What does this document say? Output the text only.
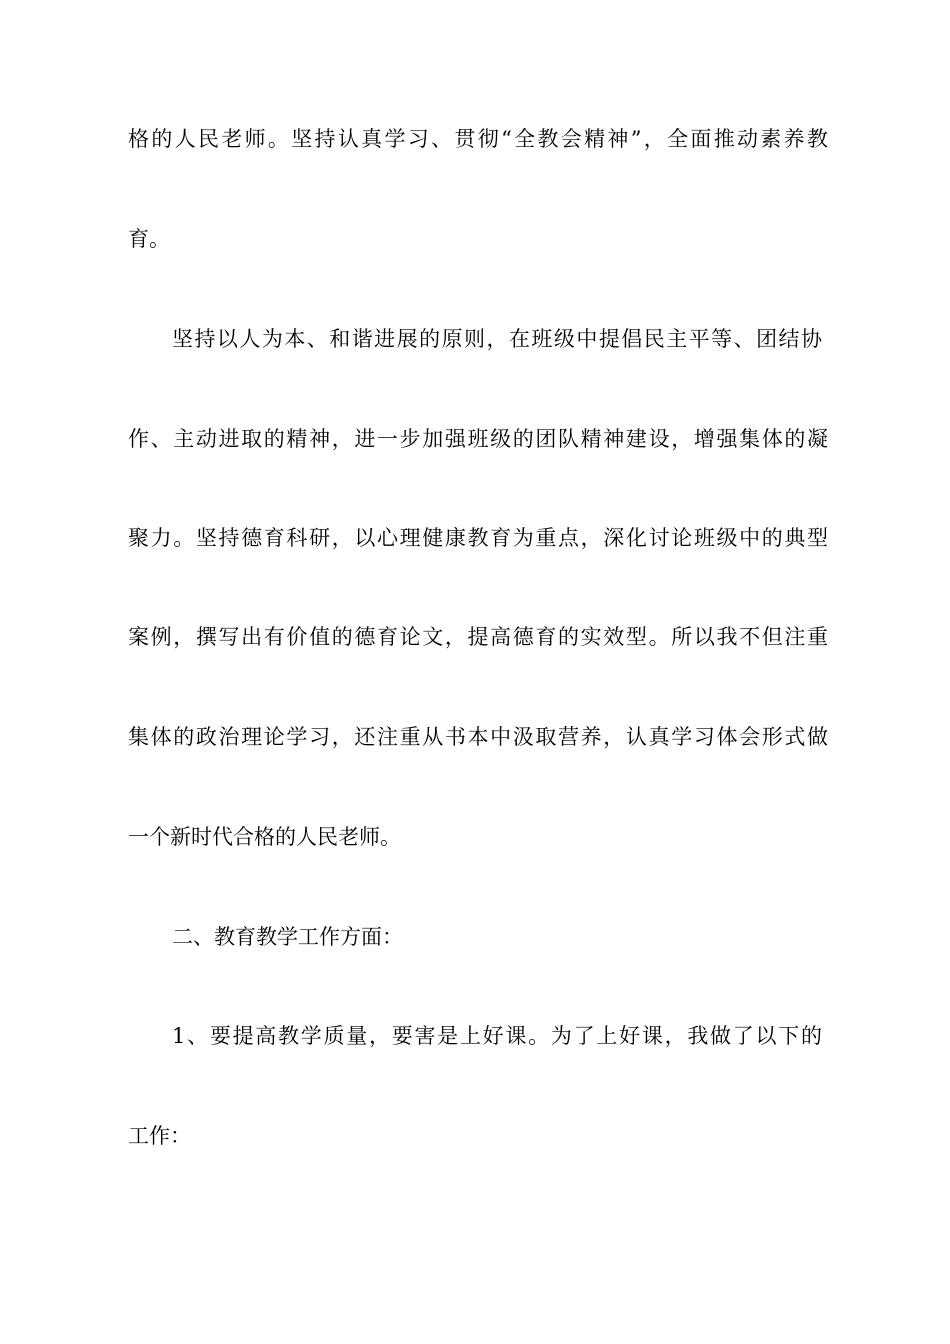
格的人民老师。坚持认真学习、贯彻“全教会精神”，全面推动素养教
育。
坚持以人为本、和谐进展的原则，在班级中提倡民主平等、团结协
作、主动进取的精神，进一步加强班级的团队精神建设，增强集体的凝
聚力。坚持德育科研，以心理健康教育为重点，深化讨论班级中的典型
案例，撰写出有价值的德育论文，提高德育的实效型。所以我不但注重
集体的政治理论学习，还注重从书本中汲取营养，认真学习体会形式做
一个新时代合格的人民老师。
二、教育教学工作方面：
1、要提高教学质量，要害是上好课。为了上好课，我做了以下的
工作：
